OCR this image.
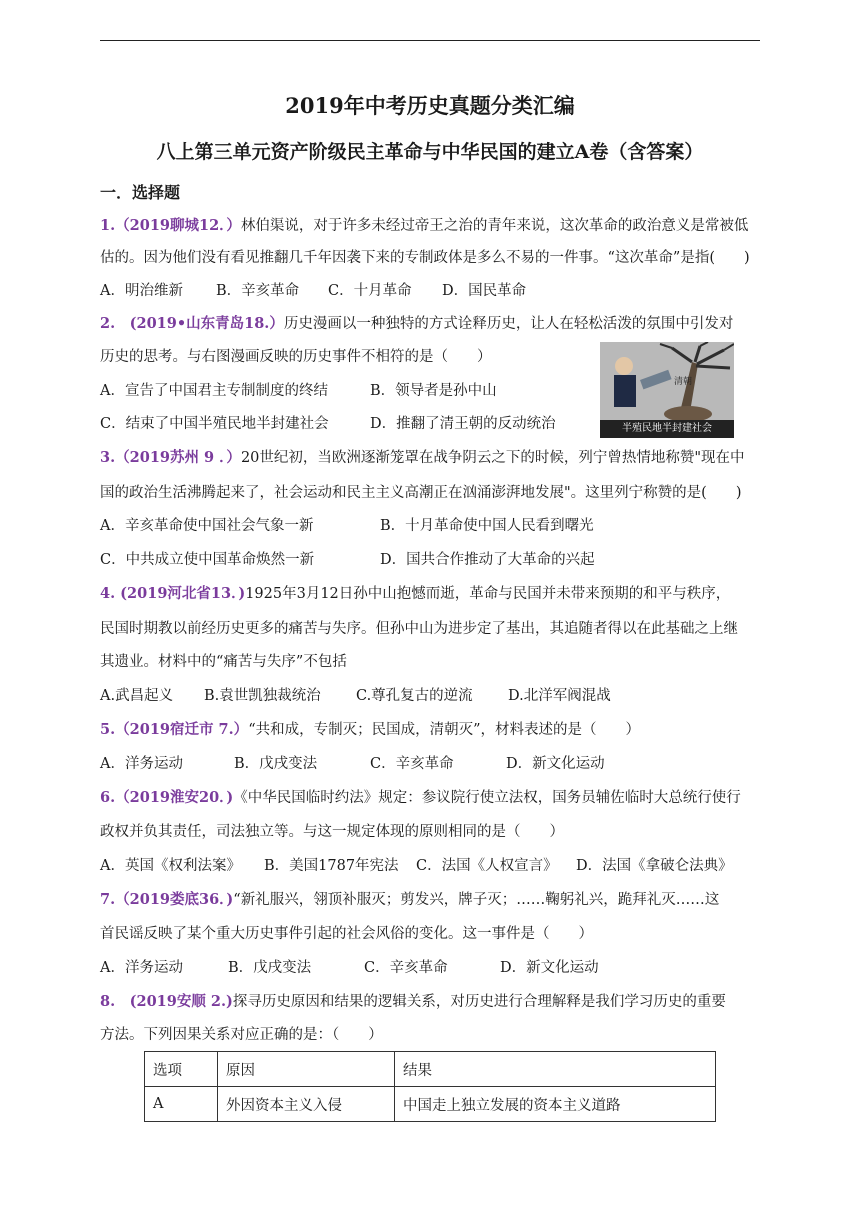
2019年中考历史真题分类汇编
八上第三单元资产阶级民主革命与中华民国的建立A卷（含答案）
一．选择题
1.（2019聊城12．）林伯渠说，对于许多未经过帝王之治的青年来说，这次革命的政治意义是常被低
估的。因为他们没有看见推翻几千年因袭下来的专制政体是多么不易的一件事。“这次革命”是指(　　)
A．明治维新 B．辛亥革命 C．十月革命 D．国民革命
2.　(2019•山东青岛18.）历史漫画以一种独特的方式诠释历史，让人在轻松活泼的氛围中引发对
历史的思考。与右图漫画反映的历史事件不相符的是（　　）
A．宣告了中国君主专制制度的终结	B．领导者是孙中山
C．结束了中国半殖民地半封建社会	D．推翻了清王朝的反动统治
清朝
半殖民地半封建社会
3.（2019苏州 9 ．）20世纪初，当欧洲逐渐笼罩在战争阴云之下的时候，列宁曾热情地称赞"现在中
国的政治生活沸腾起来了，社会运动和民主主义高潮正在汹涌澎湃地发展"。这里列宁称赞的是(　　)
A．辛亥革命使中国社会气象一新	B．十月革命使中国人民看到曙光
C．中共成立使中国革命焕然一新	D．国共合作推动了大革命的兴起
4. (2019河北省13．)1925年3月12日孙中山抱憾而逝，革命与民国并未带来预期的和平与秩序，
民国时期教以前经历史更多的痛苦与失序。但孙中山为进步定了基出，其追随者得以在此基础之上继
其遗业。材料中的“痛苦与失序”不包括
A.武昌起义 B.袁世凯独裁统治 C.尊孔复古的逆流 D.北洋军阀混战
5.（2019宿迁市 7.）“共和成，专制灭；民国成，清朝灭”，材料表述的是（　　）
A．洋务运动	B．戊戌变法	C．辛亥革命	D．新文化运动
6.（2019淮安20．)《中华民国临时约法》规定：参议院行使立法权，国务员辅佐临时大总统行使行
政权并负其责任，司法独立等。与这一规定体现的原则相同的是（　　）
A．英国《权利法案》 B．美国1787年宪法 C．法国《人权宣言》 D．法国《拿破仑法典》
7.（2019娄底36．)“新礼服兴，翎顶补服灭；剪发兴，牌子灭；……鞠躬礼兴，跪拜礼灭……这
首民谣反映了某个重大历史事件引起的社会风俗的变化。这一事件是（　　）
A．洋务运动	B．戊戌变法	C．辛亥革命	D．新文化运动
8.　(2019安顺 2.)探寻历史原因和结果的逻辑关系，对历史进行合理解释是我们学习历史的重要
方法。下列因果关系对应正确的是：（　　）
选项	原因	结果
A	外因资本主义入侵	中国走上独立发展的资本主义道路
